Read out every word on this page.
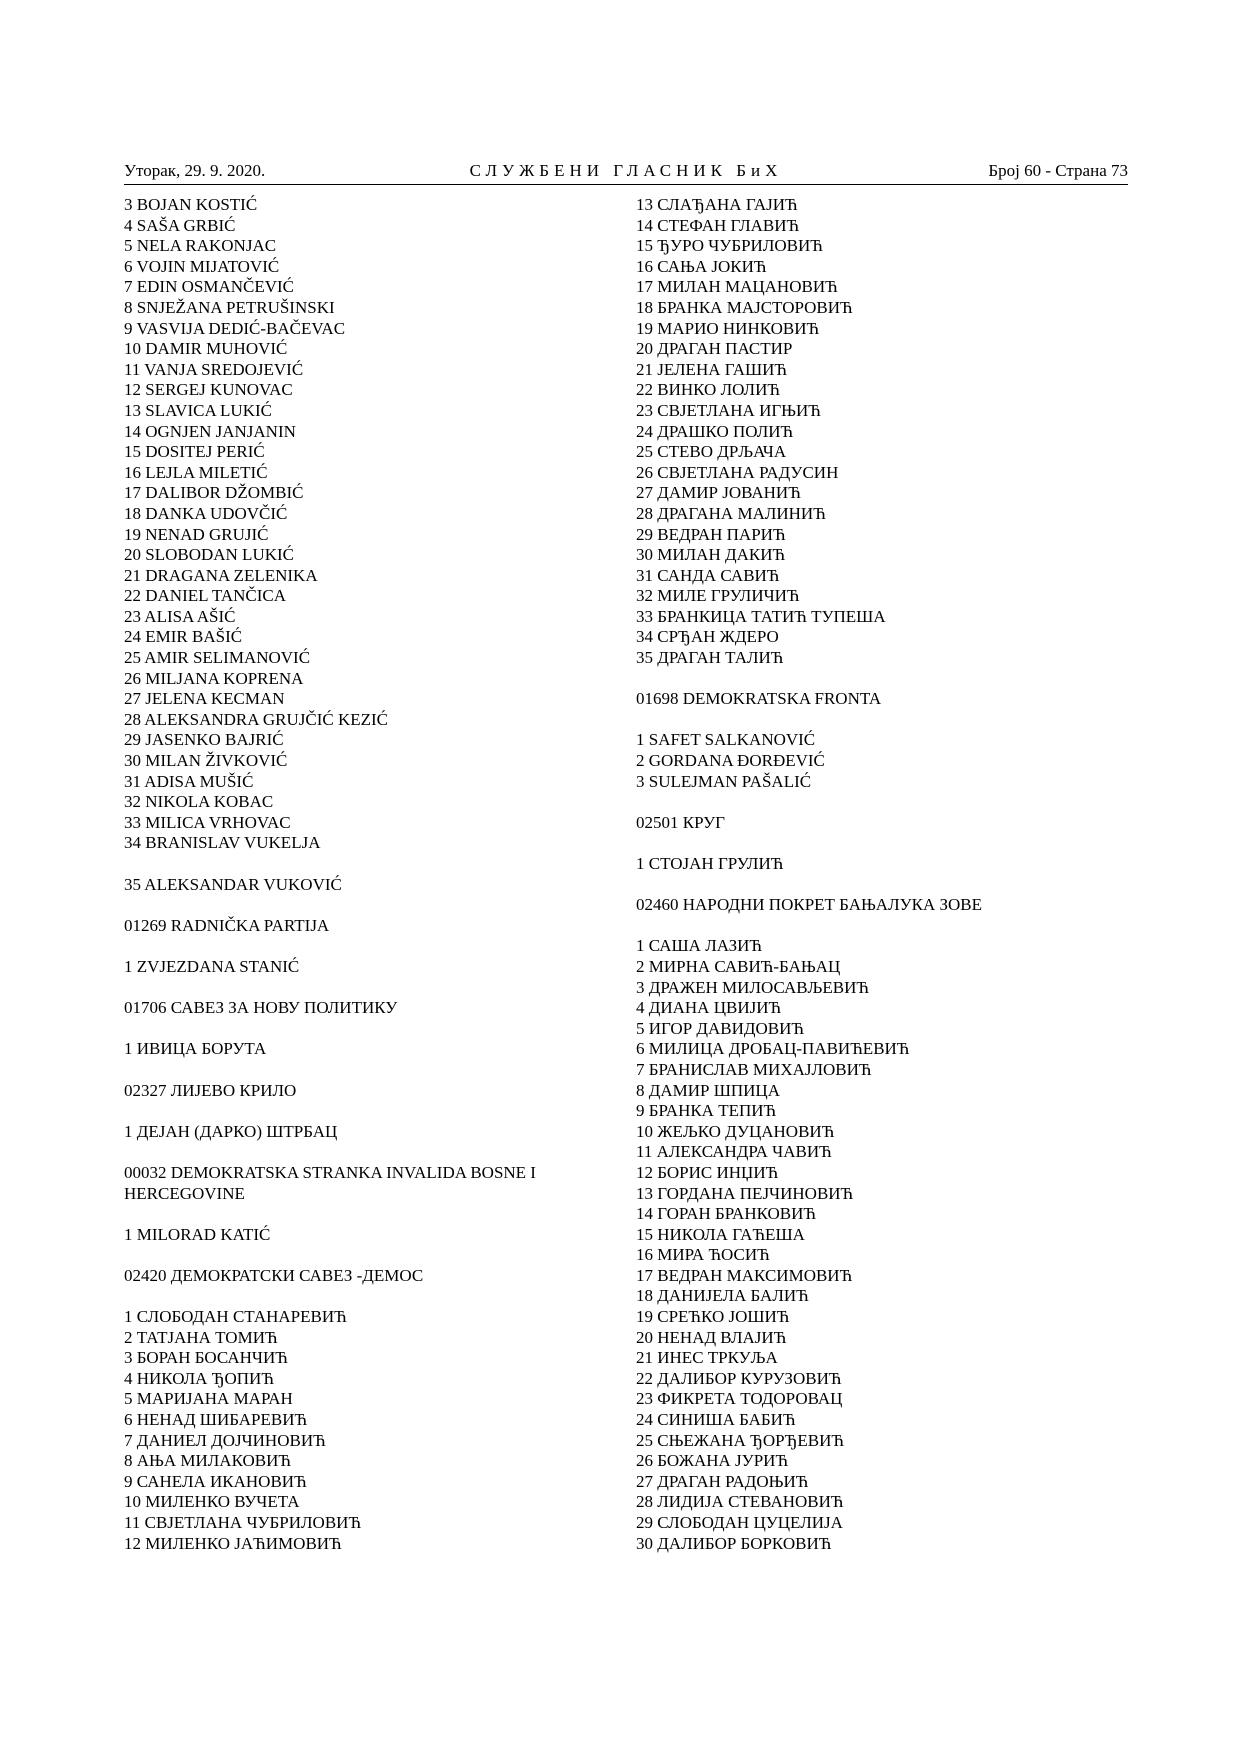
Уторак, 29. 9. 2020.	СЛУЖБЕНИ ГЛАСНИК БиХ	Број 60 - Страна 73
3 BOJAN KOSTIĆ
4 SAŠA GRBIĆ
5 NELA RAKONJAC
6 VOJIN MIJATOVIĆ
7 EDIN OSMANČEVIĆ
8 SNJEŽANA PETRUŠINSKI
9 VASVIJA DEDIĆ-BAČEVAC
10 DAMIR MUHOVIĆ
11 VANJA SREDOJEVIĆ
12 SERGEJ KUNOVAC
13 SLAVICA LUKIĆ
14 OGNJEN JANJANIN
15 DOSITEJ PERIĆ
16 LEJLA MILETIĆ
17 DALIBOR DŽOMBIĆ
18 DANKA UDOVČIĆ
19 NENAD GRUJIĆ
20 SLOBODAN LUKIĆ
21 DRAGANA ZELENIKA
22 DANIEL TANČICA
23 ALISA AŠIĆ
24 EMIR BAŠIĆ
25 AMIR SELIMANOVIĆ
26 MILJANA KOPRENA
27 JELENA KECMAN
28 ALEKSANDRA GRUJČIĆ KEZIĆ
29 JASENKO BAJRIĆ
30 MILAN ŽIVKOVIĆ
31 ADISA MUŠIĆ
32 NIKOLA KOBAC
33 MILICA VRHOVAC
34 BRANISLAV VUKELJA
35 ALEKSANDAR VUKOVIĆ
01269 RADNIČKA PARTIJA
1 ZVJEZDANA STANIĆ
01706 САВЕЗ ЗА НОВУ ПОЛИТИКУ
1 ИВИЦА БОРУТА
02327 ЛИЈЕВО КРИЛО
1 ДЕЈАН (ДАРКО) ШТРБАЦ
00032 DEMOKRATSKA STRANKA INVALIDA BOSNE I
HERCEGOVINE
1 MILORAD KATIĆ
02420 ДЕМОКРАТСКИ САВЕЗ -ДЕМОС
1 СЛОБОДАН СТАНАРЕВИЋ
2 ТАТЈАНА ТОМИЋ
3 БОРАН БОСАНЧИЋ
4 НИКОЛА ЂОПИЋ
5 МАРИЈАНА МАРАН
6 НЕНАД ШИБАРЕВИЋ
7 ДАНИЕЛ ДОЈЧИНОВИЋ
8 АЊА МИЛАКОВИЋ
9 САНЕЛА ИКАНОВИЋ
10 МИЛЕНКО ВУЧЕТА
11 СВЈЕТЛАНА ЧУБРИЛОВИЋ
12 МИЛЕНКО ЈАЋИМОВИЋ
13 СЛАЂАНА ГАЈИЋ
14 СТЕФАН ГЛАВИЋ
15 ЂУРО ЧУБРИЛОВИЋ
16 САЊА ЈОКИЋ
17 МИЛАН МАЦАНОВИЋ
18 БРАНКА МАЈСТОРОВИЋ
19 МАРИО НИНКОВИЋ
20 ДРАГАН ПАСТИР
21 ЈЕЛЕНА ГАШИЋ
22 ВИНКО ЛОЛИЋ
23 СВЈЕТЛАНА ИГЊИЋ
24 ДРАШКО ПОЛИЋ
25 СТЕВО ДРЉАЧА
26 СВЈЕТЛАНА РАДУСИН
27 ДАМИР ЈОВАНИЋ
28 ДРАГАНА МАЛИНИЋ
29 ВЕДРАН ПАРИЋ
30 МИЛАН ДАКИЋ
31 САНДА САВИЋ
32 МИЛЕ ГРУЛИЧИЋ
33 БРАНКИЦА ТАТИЋ ТУПЕША
34 СРЂАН ЖДЕРО
35 ДРАГАН ТАЛИЋ
01698 DEMOKRATSKA FRONTA
1 SAFET SALKANOVIĆ
2 GORDANA ĐORĐEVIĆ
3 SULEJMAN PAŠALIĆ
02501 КРУГ
1 СТОЈАН ГРУЛИЋ
02460 НАРОДНИ ПОКРЕТ БАЊАЛУКА ЗОВЕ
1 САША ЛАЗИЋ
2 МИРНА САВИЋ-БАЊАЦ
3 ДРАЖЕН МИЛОСАВЉЕВИЋ
4 ДИАНА ЦВИЈИЋ
5 ИГОР ДАВИДОВИЋ
6 МИЛИЦА ДРОБАЦ-ПАВИЋЕВИЋ
7 БРАНИСЛАВ МИХАЈЛОВИЋ
8 ДАМИР ШПИЦА
9 БРАНКА ТЕПИЋ
10 ЖЕЉКО ДУЦАНОВИЋ
11 АЛЕКСАНДРА ЧАВИЋ
12 БОРИС ИНЏИЋ
13 ГОРДАНА ПЕЈЧИНОВИЋ
14 ГОРАН БРАНКОВИЋ
15 НИКОЛА ГАЋЕША
16 МИРА ЋОСИЋ
17 ВЕДРАН МАКСИМОВИЋ
18 ДАНИЈЕЛА БАЛИЋ
19 СРЕЋКО ЈОШИЋ
20 НЕНАД ВЛАЈИЋ
21 ИНЕС ТРКУЉА
22 ДАЛИБОР КУРУЗОВИЋ
23 ФИКРЕТА ТОДОРОВАЦ
24 СИНИША БАБИЋ
25 СЊЕЖАНА ЂОРЂЕВИЋ
26 БОЖАНА ЈУРИЋ
27 ДРАГАН РАДОЊИЋ
28 ЛИДИЈА СТЕВАНОВИЋ
29 СЛОБОДАН ЦУЦЕЛИЈА
30 ДАЛИБОР БОРКОВИЋ
